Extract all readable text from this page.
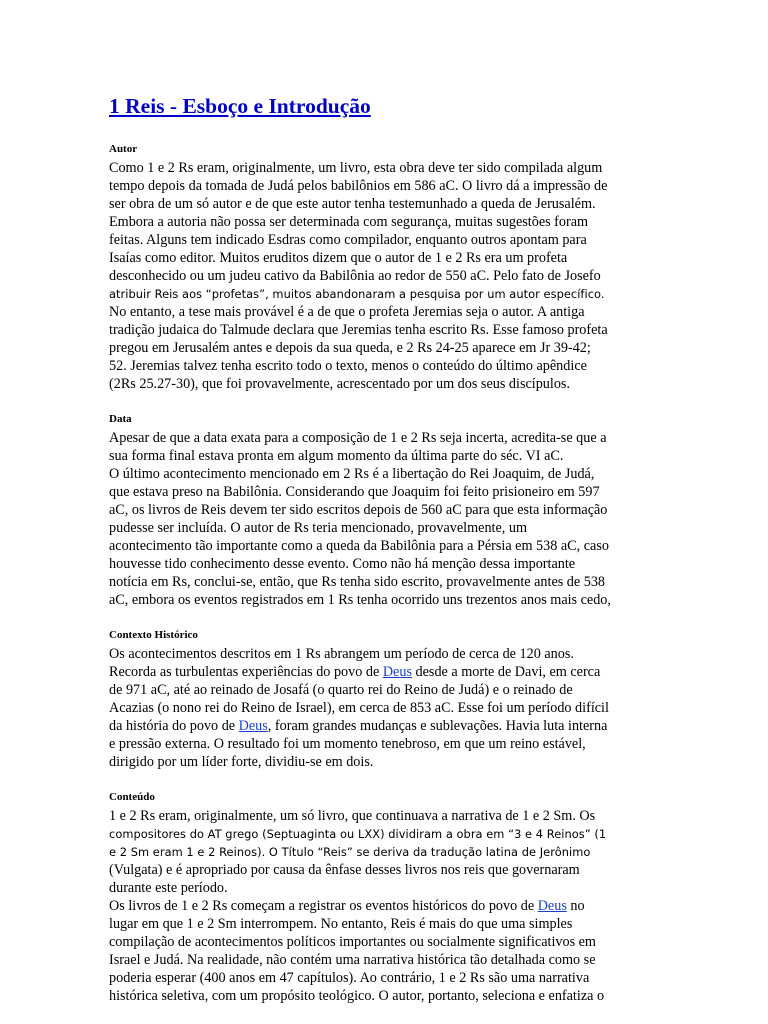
1 Reis - Esboço e Introdução
Autor
Como 1 e 2 Rs eram, originalmente, um livro, esta obra deve ter sido compilada algum
tempo depois da tomada de Judá pelos babilônios em 586 aC. O livro dá a impressão de
ser obra de um só autor e de que este autor tenha testemunhado a queda de Jerusalém.
Embora a autoria não possa ser determinada com segurança, muitas sugestões foram
feitas. Alguns tem indicado Esdras como compilador, enquanto outros apontam para
Isaías como editor. Muitos eruditos dizem que o autor de 1 e 2 Rs era um profeta
desconhecido ou um judeu cativo da Babilônia ao redor de 550 aC. Pelo fato de Josefo
atribuir Reis aos “profetas”, muitos abandonaram a pesquisa por um autor específico.
No entanto, a tese mais provável é a de que o profeta Jeremias seja o autor. A antiga
tradição judaica do Talmude declara que Jeremias tenha escrito Rs. Esse famoso profeta
pregou em Jerusalém antes e depois da sua queda, e 2 Rs 24-25 aparece em Jr 39-42;
52. Jeremias talvez tenha escrito todo o texto, menos o conteúdo do último apêndice
(2Rs 25.27-30), que foi provavelmente, acrescentado por um dos seus discípulos.
Data
Apesar de que a data exata para a composição de 1 e 2 Rs seja incerta, acredita-se que a
sua forma final estava pronta em algum momento da última parte do séc. VI aC.
O último acontecimento mencionado em 2 Rs é a libertação do Rei Joaquim, de Judá,
que estava preso na Babilônia. Considerando que Joaquim foi feito prisioneiro em 597
aC, os livros de Reis devem ter sido escritos depois de 560 aC para que esta informação
pudesse ser incluída. O autor de Rs teria mencionado, provavelmente, um
acontecimento tão importante como a queda da Babilônia para a Pérsia em 538 aC, caso
houvesse tido conhecimento desse evento. Como não há menção dessa importante
notícia em Rs, conclui-se, então, que Rs tenha sido escrito, provavelmente antes de 538
aC, embora os eventos registrados em 1 Rs tenha ocorrido uns trezentos anos mais cedo,
Contexto Histórico
Os acontecimentos descritos em 1 Rs abrangem um período de cerca de 120 anos.
Recorda as turbulentas experiências do povo de Deus desde a morte de Davi, em cerca
de 971 aC, até ao reinado de Josafá (o quarto rei do Reino de Judá) e o reinado de
Acazias (o nono rei do Reino de Israel), em cerca de 853 aC. Esse foi um período difícil
da história do povo de Deus, foram grandes mudanças e sublevações. Havia luta interna
e pressão externa. O resultado foi um momento tenebroso, em que um reino estável,
dirigido por um líder forte, dividiu-se em dois.
Conteúdo
1 e 2 Rs eram, originalmente, um só livro, que continuava a narrativa de 1 e 2 Sm. Os
compositores do AT grego (Septuaginta ou LXX) dividiram a obra em “3 e 4 Reinos” (1
e 2 Sm eram 1 e 2 Reinos). O Título “Reis” se deriva da tradução latina de Jerônimo
(Vulgata) e é apropriado por causa da ênfase desses livros nos reis que governaram
durante este período.
Os livros de 1 e 2 Rs começam a registrar os eventos históricos do povo de Deus no
lugar em que 1 e 2 Sm interrompem. No entanto, Reis é mais do que uma simples
compilação de acontecimentos políticos importantes ou socialmente significativos em
Israel e Judá. Na realidade, não contém uma narrativa histórica tão detalhada como se
poderia esperar (400 anos em 47 capítulos). Ao contrário, 1 e 2 Rs são uma narrativa
histórica seletiva, com um propósito teológico. O autor, portanto, seleciona e enfatiza o
